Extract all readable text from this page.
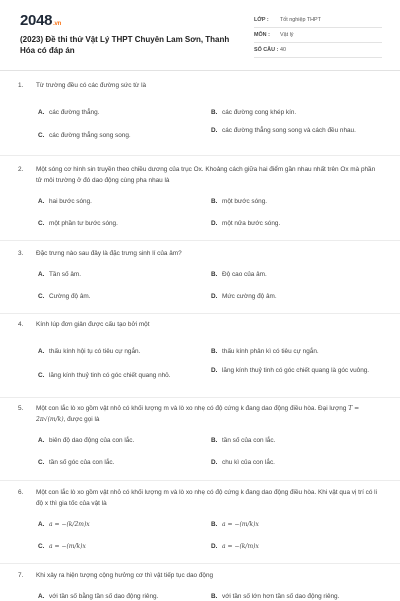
2048.vn
(2023) Đề thi thử Vật Lý THPT Chuyên Lam Sơn, Thanh Hóa có đáp án
LỚP :	Tốt nghiệp THPT
MÔN :	Vật lý
SỐ CÂU : 40
1.	Từ trường đều có các đường sức từ là
A. các đường thẳng.	B. các đường cong khép kín.
C. các đường thẳng song song.
D. các đường thẳng song song và cách đều nhau.
2.	Một sóng cơ hình sin truyền theo chiều dương của trục Ox. Khoảng cách giữa hai điểm gần nhau nhất trên Ox mà phần tử môi trường ở đó dao động cùng pha nhau là
A. hai bước sóng.	B. một bước sóng.
C. một phần tư bước sóng.	D. một nửa bước sóng.
3.	Đặc trưng nào sau đây là đặc trưng sinh lí của âm?
A. Tần số âm.	B. Độ cao của âm.
C. Cường độ âm.	D. Mức cường độ âm.
4.	Kính lúp đơn giản được cấu tạo bởi một
A. thấu kính hội tụ có tiêu cự ngắn.	B. thấu kính phân kì có tiêu cự ngắn.
C. lăng kính thuỷ tinh có góc chiết quang nhỏ.
D. lăng kính thuỷ tinh có góc chiết quang là góc vuông.
5.	Một con lắc lò xo gồm vật nhỏ có khối lượng m và lò xo nhẹ có độ cứng k đang dao động điều hòa. Đại lượng T = 2π√(m/k), được gọi là
A. biên độ dao động của con lắc.	B. tần số của con lắc.
C. tần số góc của con lắc.	D. chu kì của con lắc.
6.	Một con lắc lò xo gồm vật nhỏ có khối lượng m và lò xo nhẹ có độ cứng k đang dao động điều hòa. Khi vật qua vị trí có li độ x thì gia tốc của vật là
A. a = −(k/2m)x	B. a = −(m/k)x
C. a = −(m/k)x	D. a = −(k/m)x
7.	Khi xảy ra hiện tượng cộng hưởng cơ thì vật tiếp tục dao động
A. với tần số bằng tần số dao động riêng.	B. với tần số lớn hơn tần số dao động riêng.
